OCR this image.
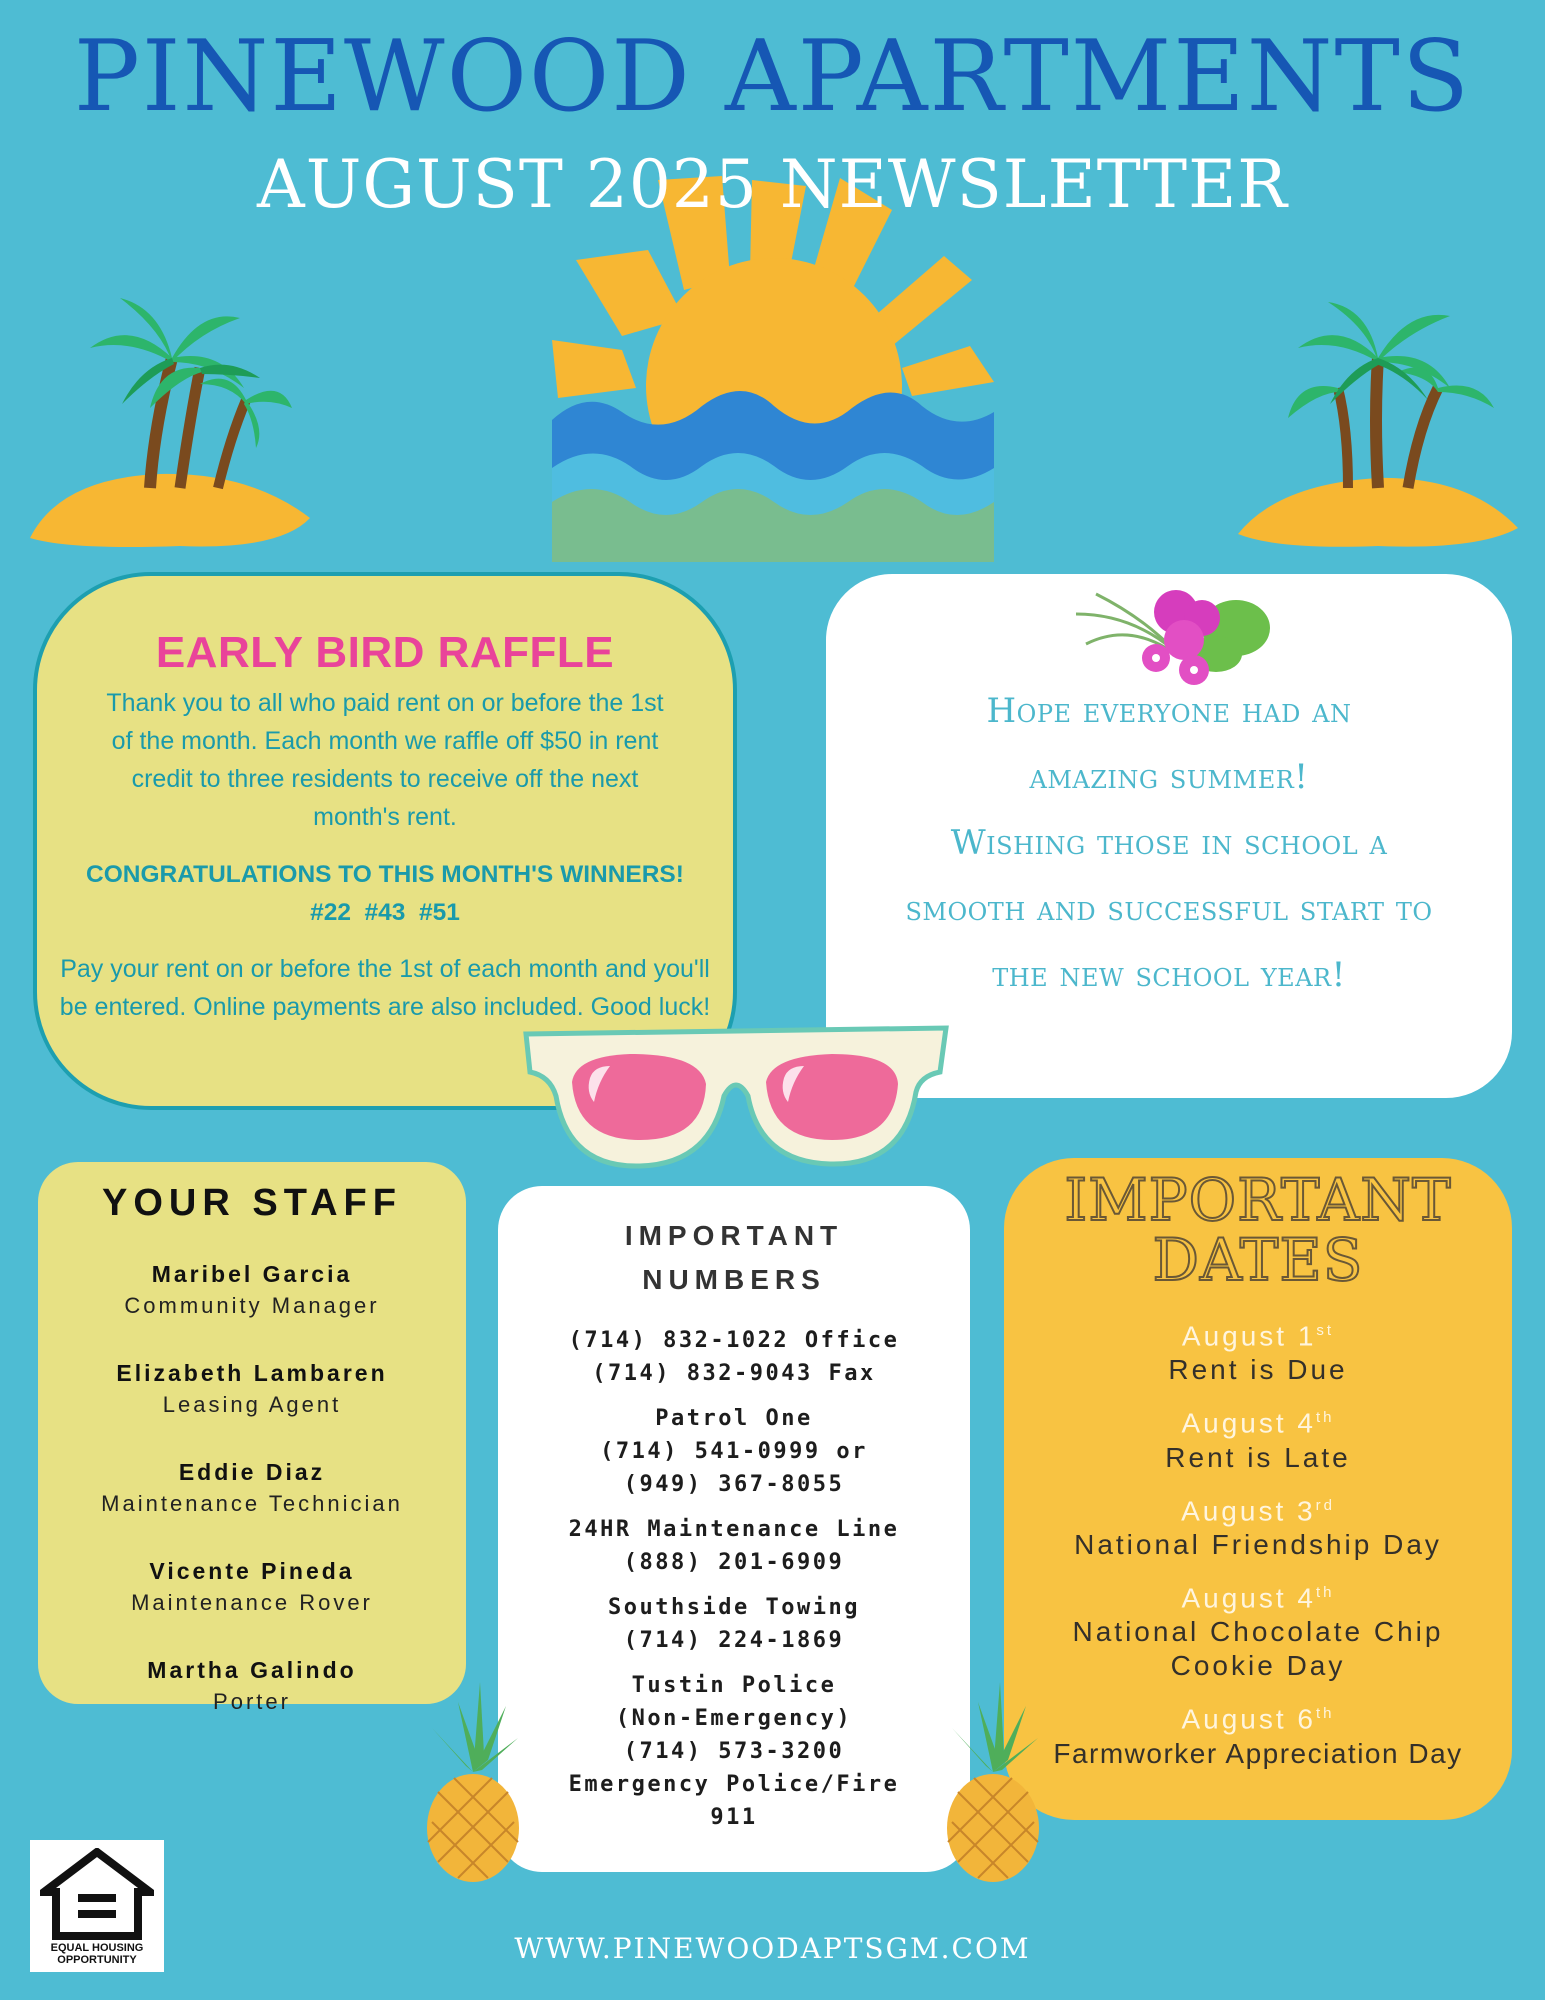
PINEWOOD APARTMENTS
AUGUST 2025 NEWSLETTER
EARLY BIRD RAFFLE
Thank you to all who paid rent on or before the 1st of the month. Each month we raffle off $50 in rent credit to three residents to receive off the next month's rent.
CONGRATULATIONS TO THIS MONTH'S WINNERS!
#22  #43  #51
Pay your rent on or before the 1st of each month and you'll be entered. Online payments are also included. Good luck!
Hope everyone had an
amazing summer!
Wishing those in school a
smooth and successful start to
the new school year!
YOUR STAFF
Maribel Garcia
Community Manager
Elizabeth Lambaren
Leasing Agent
Eddie Diaz
Maintenance Technician
Vicente Pineda
Maintenance Rover
Martha Galindo
Porter
IMPORTANT
NUMBERS
(714) 832-1022 Office
(714) 832-9043 Fax
Patrol One
(714) 541-0999 or
(949) 367-8055
24HR Maintenance Line
(888) 201-6909
Southside Towing
(714) 224-1869
Tustin Police
(Non-Emergency)
(714) 573-3200
Emergency Police/Fire
911
IMPORTANT
DATES
August 1st
Rent is Due
August 4th
Rent is Late
August 3rd
National Friendship Day
August 4th
National Chocolate Chip Cookie Day
August 6th
Farmworker Appreciation Day
EQUAL HOUSING
OPPORTUNITY	WWW.PINEWOODAPTSGM.COM
